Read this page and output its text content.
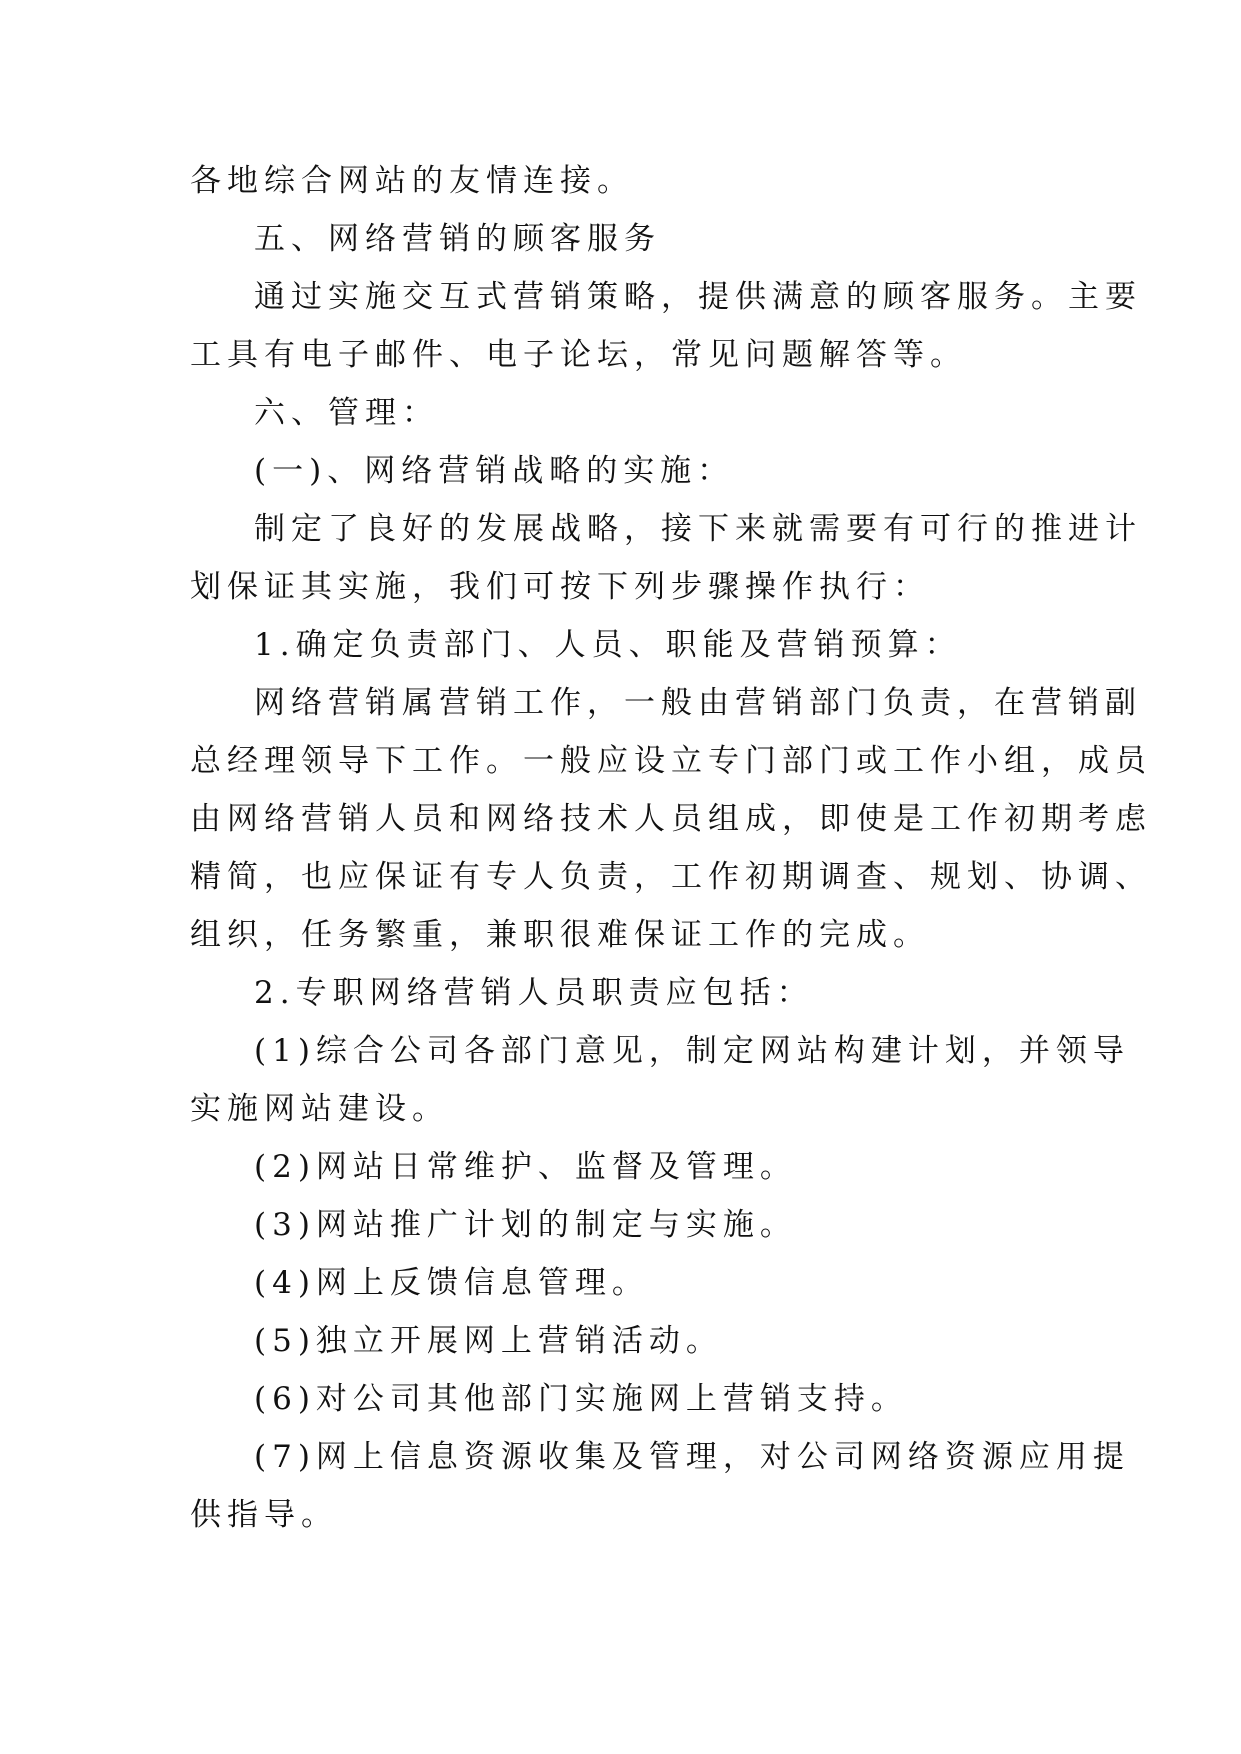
各地综合网站的友情连接。
五、网络营销的顾客服务
通过实施交互式营销策略，提供满意的顾客服务。主要
工具有电子邮件、电子论坛，常见问题解答等。
六、管理：
(一)、网络营销战略的实施：
制定了良好的发展战略，接下来就需要有可行的推进计
划保证其实施，我们可按下列步骤操作执行：
1.确定负责部门、人员、职能及营销预算：
网络营销属营销工作，一般由营销部门负责，在营销副
总经理领导下工作。一般应设立专门部门或工作小组，成员
由网络营销人员和网络技术人员组成，即使是工作初期考虑
精简，也应保证有专人负责，工作初期调查、规划、协调、
组织，任务繁重，兼职很难保证工作的完成。
2.专职网络营销人员职责应包括：
(1)综合公司各部门意见，制定网站构建计划，并领导
实施网站建设。
(2)网站日常维护、监督及管理。
(3)网站推广计划的制定与实施。
(4)网上反馈信息管理。
(5)独立开展网上营销活动。
(6)对公司其他部门实施网上营销支持。
(7)网上信息资源收集及管理，对公司网络资源应用提
供指导。
